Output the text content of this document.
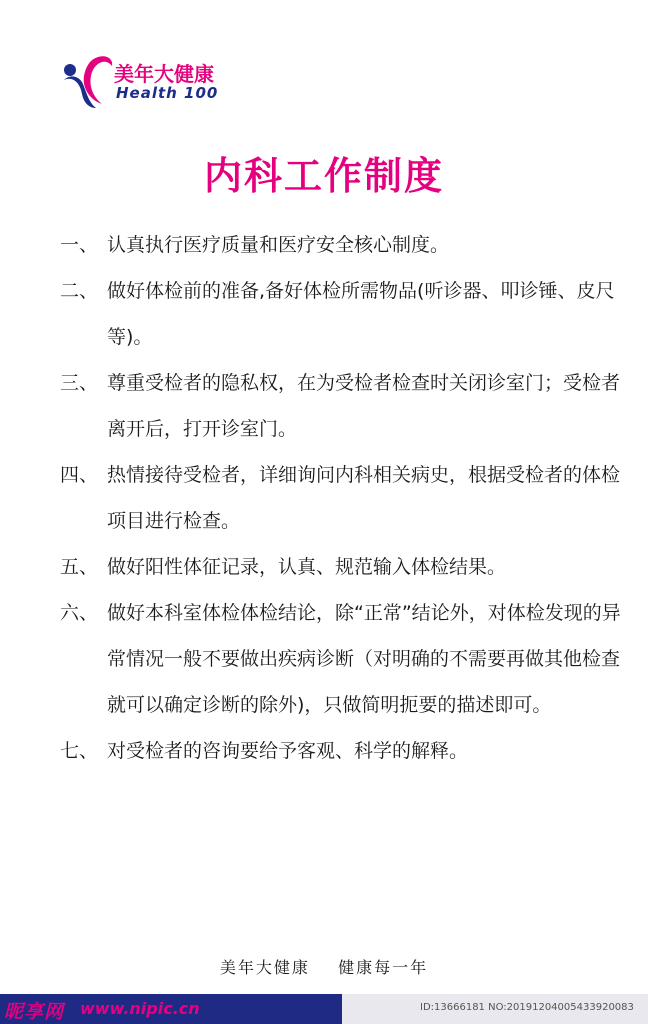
美年大健康
Health 100
内科工作制度
一、 认真执行医疗质量和医疗安全核心制度。
二、 做好体检前的准备,备好体检所需物品(听诊器、叩诊锤、皮尺等)。
三、 尊重受检者的隐私权，在为受检者检查时关闭诊室门；受检者离开后，打开诊室门。
四、 热情接待受检者，详细询问内科相关病史，根据受检者的体检项目进行检查。
五、 做好阳性体征记录，认真、规范输入体检结果。
六、 做好本科室体检体检结论，除“正常”结论外，对体检发现的异常情况一般不要做出疾病诊断（对明确的不需要再做其他检查就可以确定诊断的除外)，只做简明扼要的描述即可。
七、 对受检者的咨询要给予客观、科学的解释。
美年大健康    健康每一年
昵享网 www.nipic.cn	ID:13666181 NO:20191204005433920083
